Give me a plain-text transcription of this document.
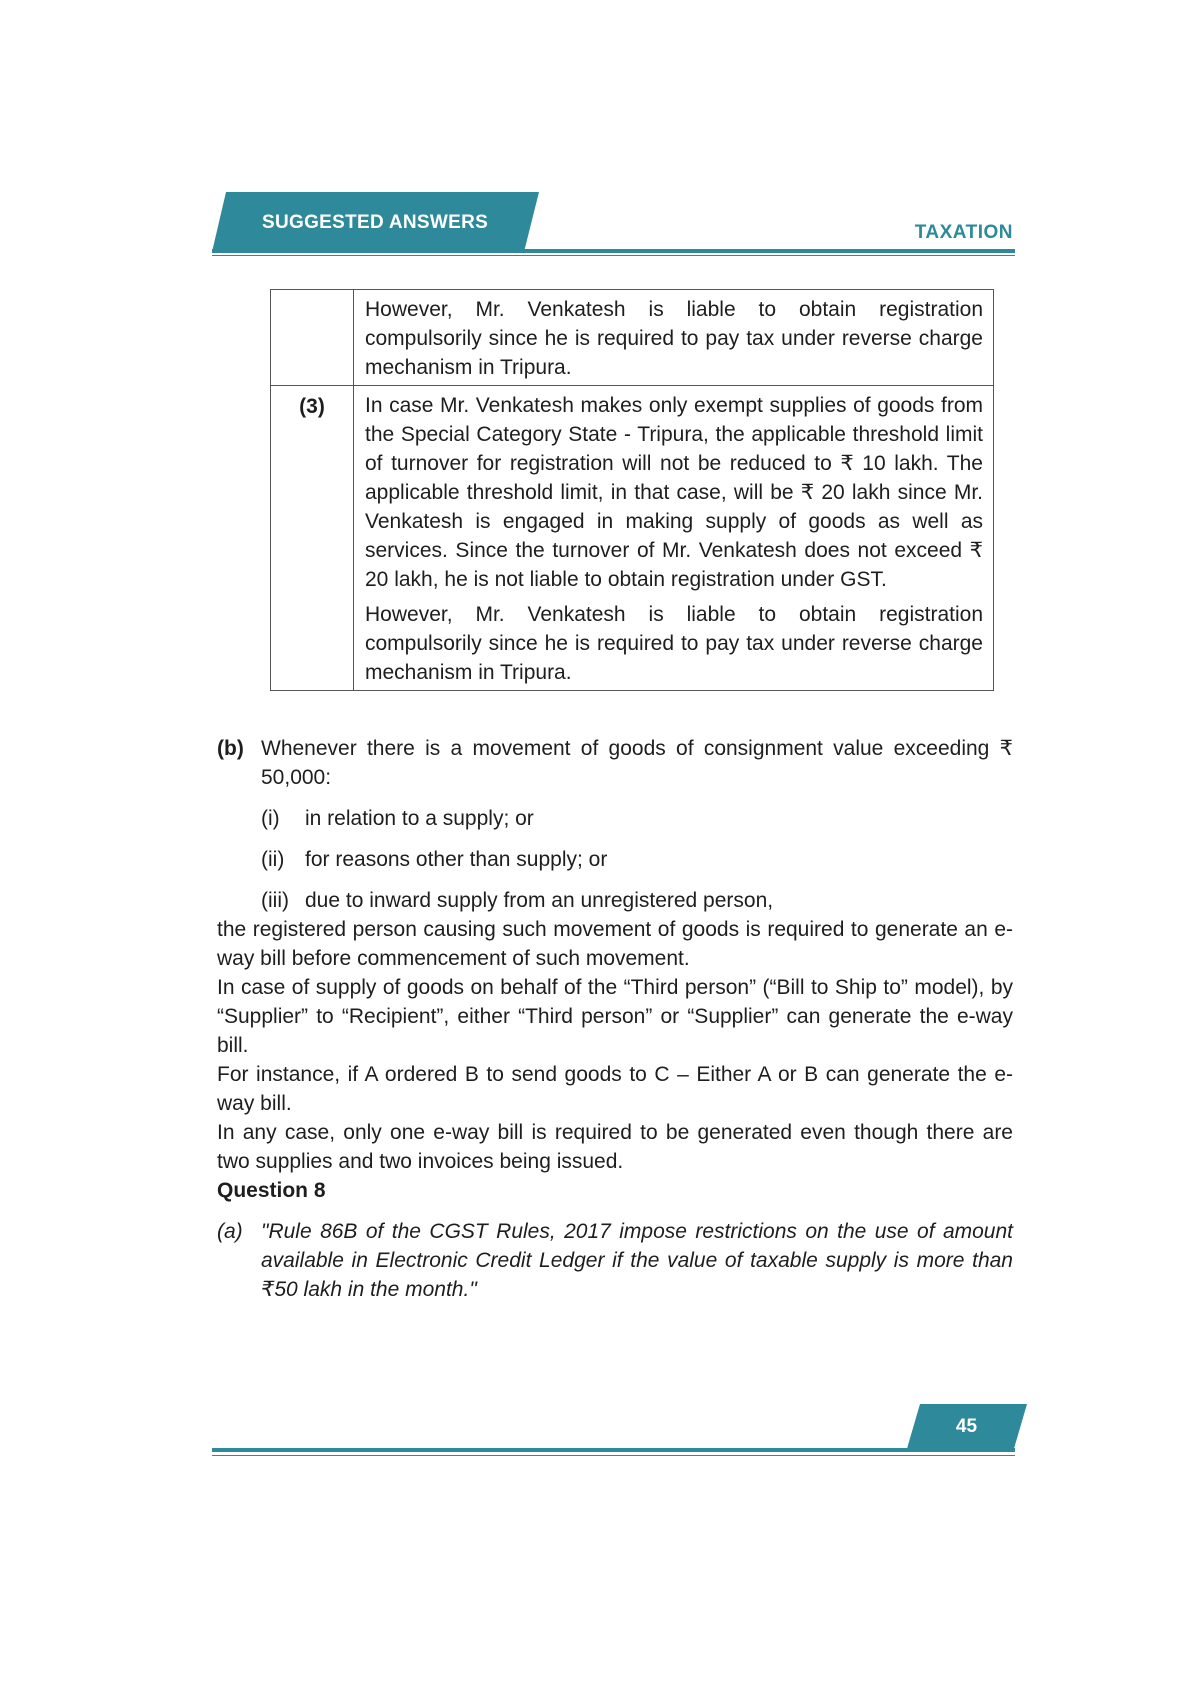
SUGGESTED ANSWERS	TAXATION

	However, Mr. Venkatesh is liable to obtain registration compulsorily since he is required to pay tax under reverse charge mechanism in Tripura.

(3)	In case Mr. Venkatesh makes only exempt supplies of goods from the Special Category State - Tripura, the applicable threshold limit of turnover for registration will not be reduced to ₹ 10 lakh. The applicable threshold limit, in that case, will be ₹ 20 lakh since Mr. Venkatesh is engaged in making supply of goods as well as services. Since the turnover of Mr. Venkatesh does not exceed ₹ 20 lakh, he is not liable to obtain registration under GST.

However, Mr. Venkatesh is liable to obtain registration compulsorily since he is required to pay tax under reverse charge mechanism in Tripura.

(b) Whenever there is a movement of goods of consignment value exceeding ₹ 50,000:
(i)	in relation to a supply; or
(ii) for reasons other than supply; or
(iii) due to inward supply from an unregistered person,

the registered person causing such movement of goods is required to generate an e-way bill before commencement of such movement.

In case of supply of goods on behalf of the “Third person” (“Bill to Ship to” model), by “Supplier” to “Recipient”, either “Third person” or “Supplier” can generate the e-way bill.

For instance, if A ordered B to send goods to C – Either A or B can generate the e-way bill.

In any case, only one e-way bill is required to be generated even though there are two supplies and two invoices being issued.

Question 8

(a) "Rule 86B of the CGST Rules, 2017 impose restrictions on the use of amount available in Electronic Credit Ledger if the value of taxable supply is more than ₹50 lakh in the month."
45
